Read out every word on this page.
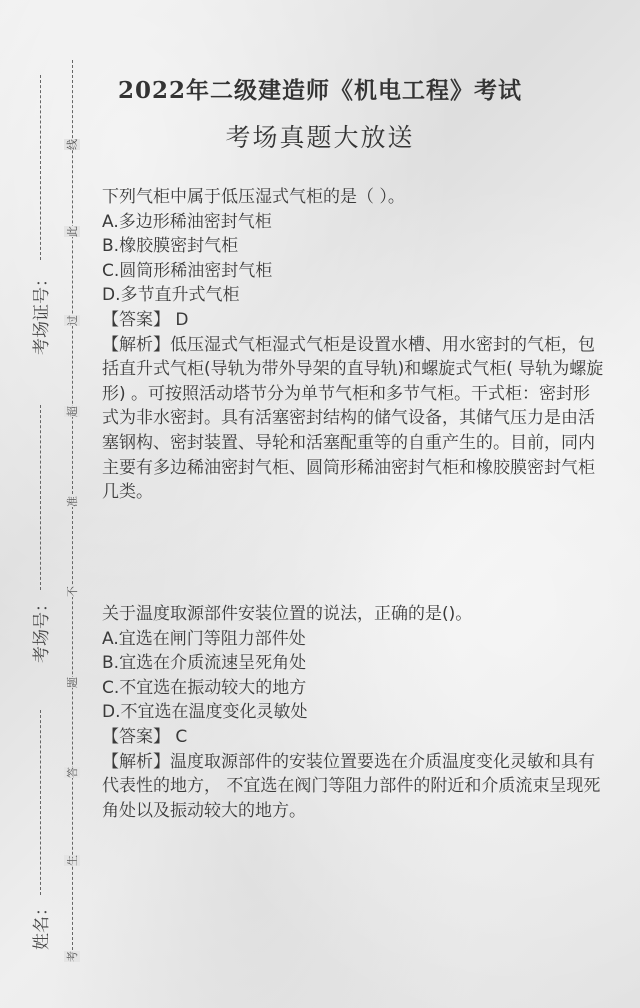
2022年二级建造师《机电工程》考试
考场真题大放送
下列气柜中属于低压湿式气柜的是（ ）。
A.多边形稀油密封气柜
B.橡胶膜密封气柜
C.圆筒形稀油密封气柜
D.多节直升式气柜
【答案】 D
【解析】低压湿式气柜湿式气柜是设置水槽、用水密封的气柜，包括直升式气柜(导轨为带外导架的直导轨)和螺旋式气柜( 导轨为螺旋形) 。可按照活动塔节分为单节气柜和多节气柜。干式柜：密封形式为非水密封。具有活塞密封结构的储气设备，其储气压力是由活塞钢构、密封装置、导轮和活塞配重等的自重产生的。目前，同内主要有多边稀油密封气柜、圆筒形稀油密封气柜和橡胶膜密封气柜几类。
关于温度取源部件安装位置的说法，正确的是()。
A.宜选在闸门等阻力部件处
B.宜选在介质流速呈死角处
C.不宜选在振动较大的地方
D.不宜选在温度变化灵敏处
【答案】 C
【解析】温度取源部件的安装位置要选在介质温度变化灵敏和具有代表性的地方， 不宜选在阀门等阻力部件的附近和介质流束呈现死角处以及振动较大的地方。
考场证号：
考场号：
姓名：
线
此
过
超
准
不
题
答
生
考
